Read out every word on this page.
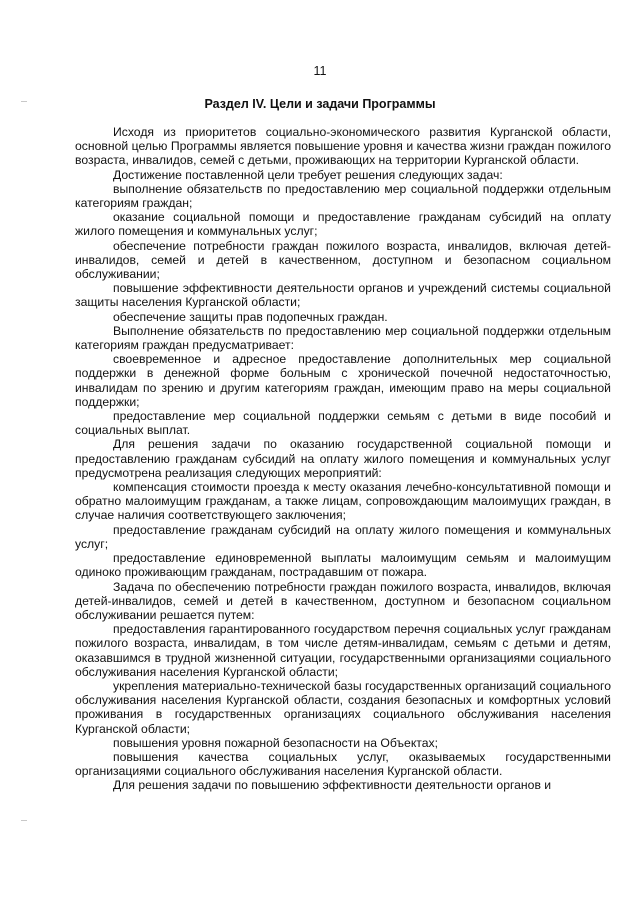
11
Раздел IV. Цели и задачи Программы

Исходя из приоритетов социально-экономического развития Курганской области, основной целью Программы является повышение уровня и качества жизни граждан пожилого возраста, инвалидов, семей с детьми, проживающих на территории Курганской области.

Достижение поставленной цели требует решения следующих задач:

выполнение обязательств по предоставлению мер социальной поддержки отдельным категориям граждан;

оказание социальной помощи и предоставление гражданам субсидий на оплату жилого помещения и коммунальных услуг;

обеспечение потребности граждан пожилого возраста, инвалидов, включая детей-инвалидов, семей и детей в качественном, доступном и безопасном социальном обслуживании;

повышение эффективности деятельности органов и учреждений системы социальной защиты населения Курганской области;

обеспечение защиты прав подопечных граждан.

Выполнение обязательств по предоставлению мер социальной поддержки отдельным категориям граждан предусматривает:

своевременное и адресное предоставление дополнительных мер социальной поддержки в денежной форме больным с хронической почечной недостаточностью, инвалидам по зрению и другим категориям граждан, имеющим право на меры социальной поддержки;

предоставление мер социальной поддержки семьям с детьми в виде пособий и социальных выплат.

Для решения задачи по оказанию государственной социальной помощи и предоставлению гражданам субсидий на оплату жилого помещения и коммунальных услуг предусмотрена реализация следующих мероприятий:

компенсация стоимости проезда к месту оказания лечебно-консультативной помощи и обратно малоимущим гражданам, а также лицам, сопровождающим малоимущих граждан, в случае наличия соответствующего заключения;

предоставление гражданам субсидий на оплату жилого помещения и коммунальных услуг;

предоставление единовременной выплаты малоимущим семьям и малоимущим одиноко проживающим гражданам, пострадавшим от пожара.

Задача по обеспечению потребности граждан пожилого возраста, инвалидов, включая детей-инвалидов, семей и детей в качественном, доступном и безопасном социальном обслуживании решается путем:

предоставления гарантированного государством перечня социальных услуг гражданам пожилого возраста, инвалидам, в том числе детям-инвалидам, семьям с детьми и детям, оказавшимся в трудной жизненной ситуации, государственными организациями социального обслуживания населения Курганской области;

укрепления материально-технической базы государственных организаций социального обслуживания населения Курганской области, создания безопасных и комфортных условий проживания в государственных организациях социального обслуживания населения Курганской области;

повышения уровня пожарной безопасности на Объектах;

повышения качества социальных услуг, оказываемых государственными организациями социального обслуживания населения Курганской области.

Для решения задачи по повышению эффективности деятельности органов и
